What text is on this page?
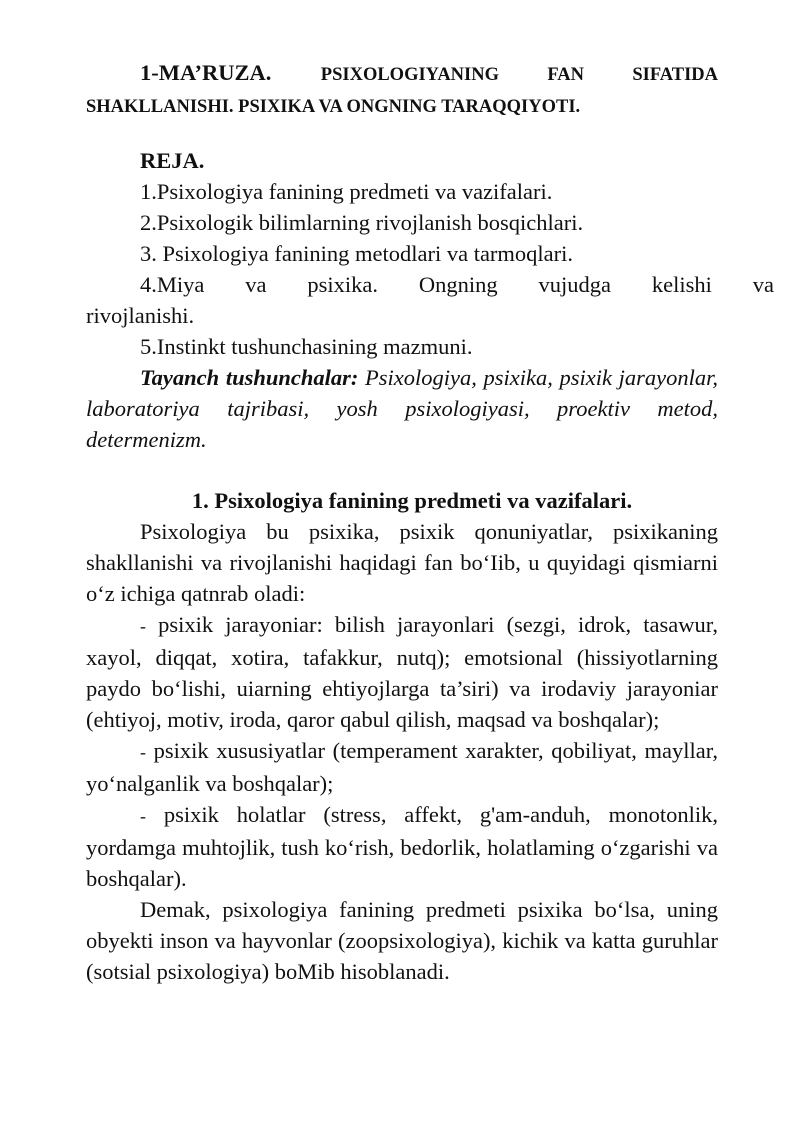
1-MA’RUZA.	PSIXOLOGIYANING FAN SIFATIDA SHAKLLANISHI. PSIXIKA VA ONGNING TARAQQIYOTI.

REJA.

1.Psixologiya fanining predmeti va vazifalari.

2.Psixologik bilimlarning rivojlanish bosqichlari.

3. Psixologiya fanining metodlari va tarmoqlari.

4.Miya va psixika. Ongning vujudga kelishi va

rivojlanishi.

5.Instinkt tushunchasining mazmuni.

Tayanch tushunchalar: Psixologiya, psixika, psixik jarayonlar, laboratoriya tajribasi, yosh psixologiyasi, proektiv metod, determenizm.

1. Psixologiya fanining predmeti va vazifalari.

Psixologiya bu psixika, psixik qonuniyatlar, psixikaning shakllanishi va rivojlanishi haqidagi fan bo‘Iib, u quyidagi qismiarni o‘z ichiga qatnrab oladi:

- psixik jarayoniar: bilish jarayonlari (sezgi, idrok, tasawur, xayol, diqqat, xotira, tafakkur, nutq); emotsional (hissiyotlarning paydo bo‘lishi, uiarning ehtiyojlarga ta’siri) va irodaviy jarayoniar (ehtiyoj, motiv, iroda, qaror qabul qilish, maqsad va boshqalar);

- psixik xususiyatlar (temperament xarakter, qobiliyat, mayllar, yo‘nalganlik va boshqalar);

- psixik holatlar (stress, affekt, g'am-anduh, monotonlik, yordamga muhtojlik, tush ko‘rish, bedorlik, holatlaming o‘zgarishi va boshqalar).

Demak, psixologiya fanining predmeti psixika bo‘lsa, uning obyekti inson va hayvonlar (zoopsixologiya), kichik va katta guruhlar (sotsial psixologiya) boMib hisoblanadi.
